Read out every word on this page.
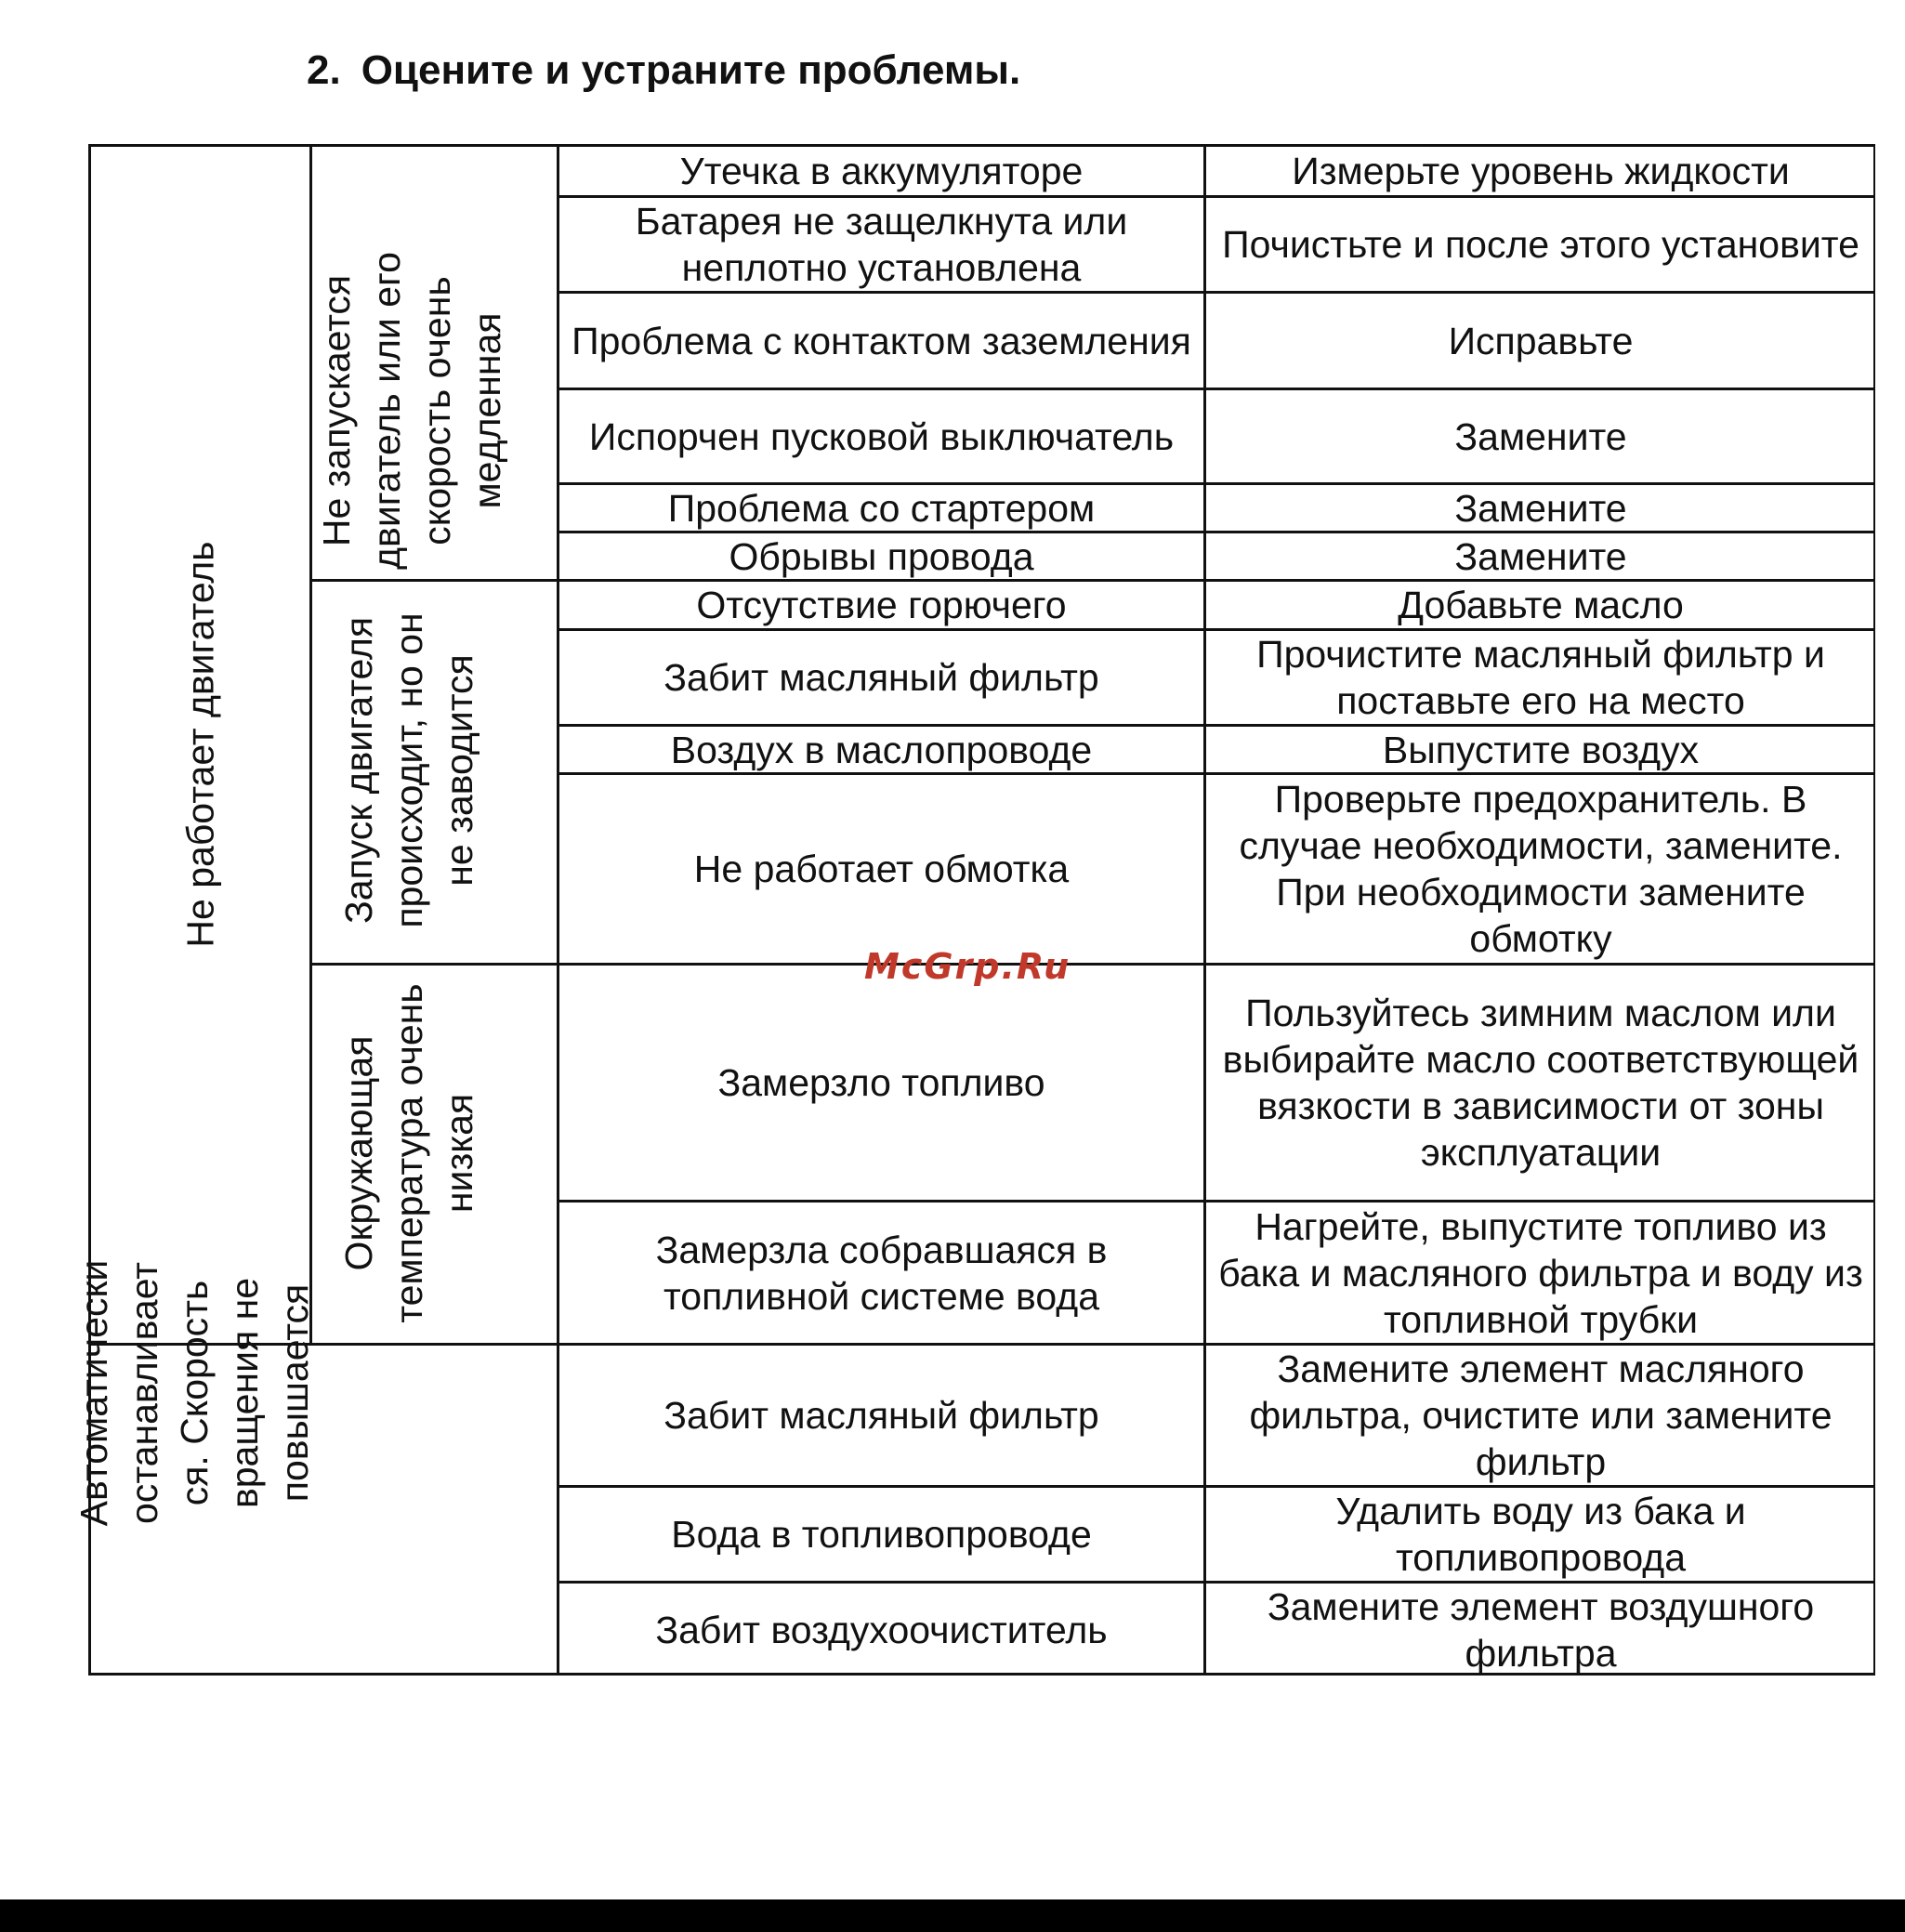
2. Оцените и устраните проблемы.
Не работает двигатель
Автоматически останавливает ся. Скорость вращения не повышается
Не запускается двигатель или его скорость очень медленная
Запуск двигателя происходит, но он не заводится
Окружающая температура очень низкая
Утечка в аккумуляторе
Батарея не защелкнута или неплотно установлена
Проблема с контактом заземления
Испорчен пусковой выключатель
Проблема со стартером
Обрывы провода
Отсутствие горючего
Забит масляный фильтр
Воздух в маслопроводе
Не работает обмотка
Замерзло топливо
Замерзла собравшаяся в топливной системе вода
Забит масляный фильтр
Вода в топливопроводе
Забит воздухоочиститель
Измерьте уровень жидкости
Почистьте и после этого установите
Исправьте
Замените
Замените
Замените
Добавьте масло
Прочистите масляный фильтр и поставьте его на место
Выпустите воздух
Проверьте предохранитель. В случае необходимости, замените. При необходимости замените обмотку
Пользуйтесь зимним маслом или выбирайте масло соответствующей вязкости в зависимости от зоны эксплуатации
Нагрейте, выпустите топливо из бака и масляного фильтра и воду из топливной трубки
Замените элемент масляного фильтра, очистите или замените фильтр
Удалить воду из бака и топливопровода
Замените элемент воздушного фильтра
McGrp.Ru
